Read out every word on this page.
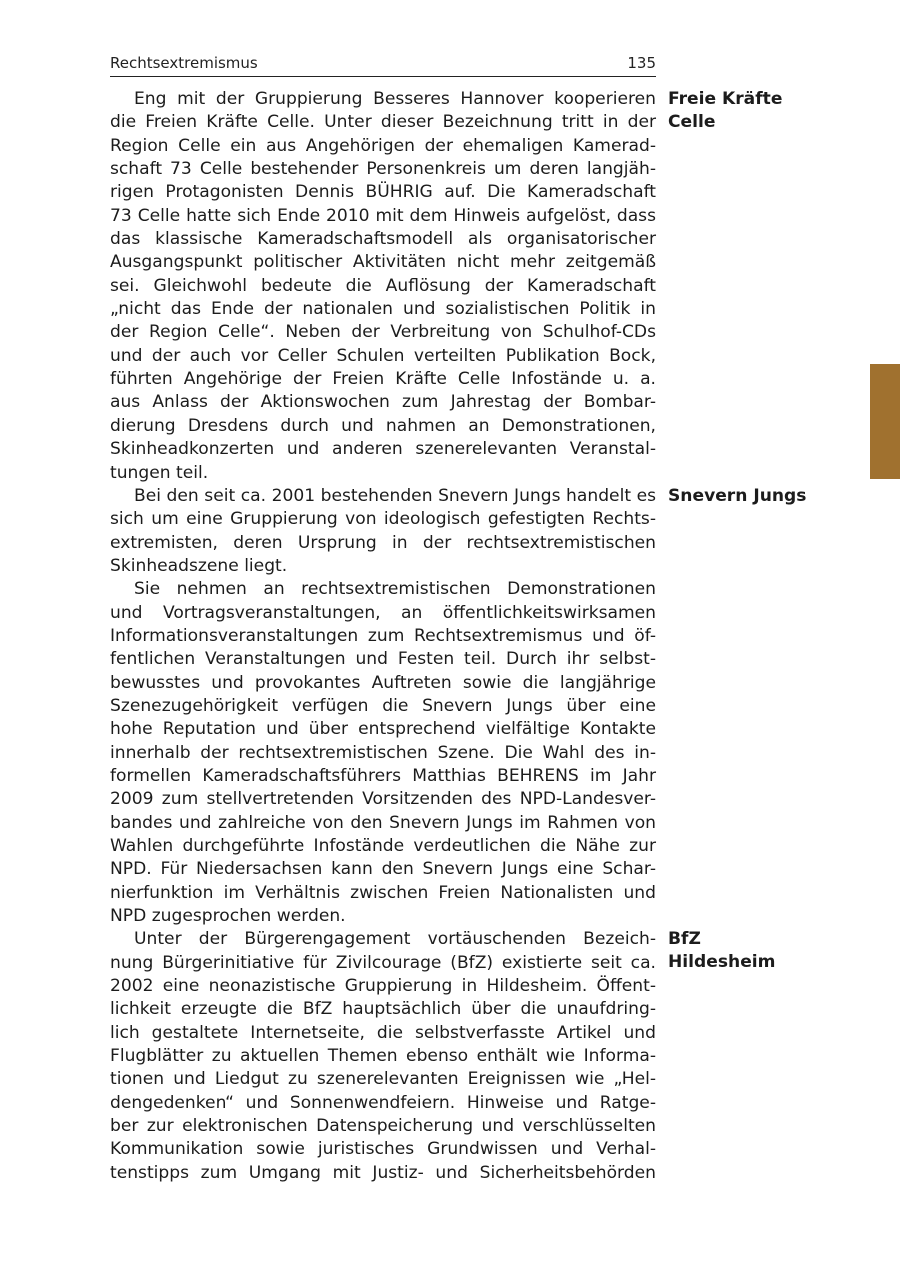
Rechtsextremismus	135
Eng mit der Gruppierung Besseres Hannover kooperieren
die Freien Kräfte Celle. Unter dieser Bezeichnung tritt in der
Region Celle ein aus Angehörigen der ehemaligen Kamerad-
schaft 73 Celle bestehender Personenkreis um deren langjäh-
rigen Protagonisten Dennis BÜHRIG auf. Die Kameradschaft
73 Celle hatte sich Ende 2010 mit dem Hinweis aufgelöst, dass
das klassische Kameradschaftsmodell als organisatorischer
Ausgangspunkt politischer Aktivitäten nicht mehr zeitgemäß
sei. Gleichwohl bedeute die Auflösung der Kameradschaft
„nicht das Ende der nationalen und sozialistischen Politik in
der Region Celle“. Neben der Verbreitung von Schulhof-CDs
und der auch vor Celler Schulen verteilten Publikation Bock,
führten Angehörige der Freien Kräfte Celle Infostände u. a.
aus Anlass der Aktionswochen zum Jahrestag der Bombar-
dierung Dresdens durch und nahmen an Demonstrationen,
Skinheadkonzerten und anderen szenerelevanten Veranstal-
tungen teil.
Bei den seit ca. 2001 bestehenden Snevern Jungs handelt es
sich um eine Gruppierung von ideologisch gefestigten Rechts-
extremisten, deren Ursprung in der rechtsextremistischen
Skinheadszene liegt.
Sie nehmen an rechtsextremistischen Demonstrationen
und Vortragsveranstaltungen, an öffentlichkeitswirksamen
Informationsveranstaltungen zum Rechtsextremismus und öf-
fentlichen Veranstaltungen und Festen teil. Durch ihr selbst-
bewusstes und provokantes Auftreten sowie die langjährige
Szenezugehörigkeit verfügen die Snevern Jungs über eine
hohe Reputation und über entsprechend vielfältige Kontakte
innerhalb der rechtsextremistischen Szene. Die Wahl des in-
formellen Kameradschaftsführers Matthias BEHRENS im Jahr
2009 zum stellvertretenden Vorsitzenden des NPD-Landesver-
bandes und zahlreiche von den Snevern Jungs im Rahmen von
Wahlen durchgeführte Infostände verdeutlichen die Nähe zur
NPD. Für Niedersachsen kann den Snevern Jungs eine Schar-
nierfunktion im Verhältnis zwischen Freien Nationalisten und
NPD zugesprochen werden.
Unter der Bürgerengagement vortäuschenden Bezeich-
nung Bürgerinitiative für Zivilcourage (BfZ) existierte seit ca.
2002 eine neonazistische Gruppierung in Hildesheim. Öffent-
lichkeit erzeugte die BfZ hauptsächlich über die unaufdring-
lich gestaltete Internetseite, die selbstverfasste Artikel und
Flugblätter zu aktuellen Themen ebenso enthält wie Informa-
tionen und Liedgut zu szenerelevanten Ereignissen wie „Hel-
dengedenken“ und Sonnenwendfeiern. Hinweise und Ratge-
ber zur elektronischen Datenspeicherung und verschlüsselten
Kommunikation sowie juristisches Grundwissen und Verhal-
tenstipps zum Umgang mit Justiz- und Sicherheitsbehörden
Freie Kräfte
Celle
Snevern Jungs
BfZ
Hildesheim
